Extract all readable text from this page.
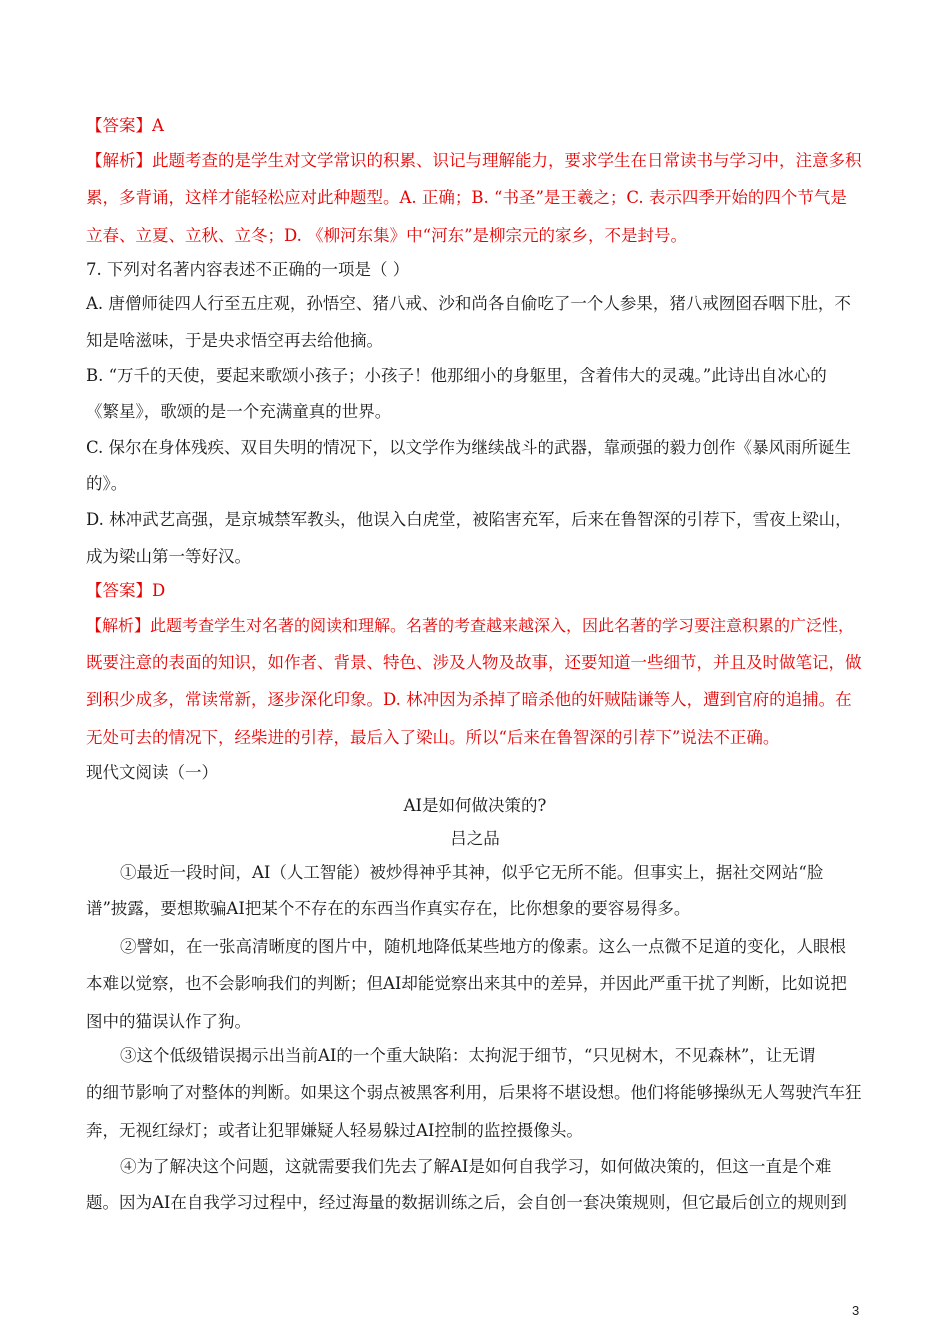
【答案】A
【解析】此题考查的是学生对文学常识的积累、识记与理解能力，要求学生在日常读书与学习中，注意多积
累，多背诵，这样才能轻松应对此种题型。A. 正确；B. “书圣”是王羲之；C. 表示四季开始的四个节气是
立春、立夏、立秋、立冬；D. 《柳河东集》中“河东”是柳宗元的家乡，不是封号。
7. 下列对名著内容表述不正确的一项是（ ）
A. 唐僧师徒四人行至五庄观，孙悟空、猪八戒、沙和尚各自偷吃了一个人参果，猪八戒囫囵吞咽下肚，不
知是啥滋味，于是央求悟空再去给他摘。
B. “万千的天使，要起来歌颂小孩子；小孩子！他那细小的身躯里，含着伟大的灵魂。”此诗出自冰心的
《繁星》，歌颂的是一个充满童真的世界。
C. 保尔在身体残疾、双目失明的情况下，以文学作为继续战斗的武器，靠顽强的毅力创作《暴风雨所诞生
的》。
D. 林冲武艺高强，是京城禁军教头，他误入白虎堂，被陷害充军，后来在鲁智深的引荐下，雪夜上梁山，
成为梁山第一等好汉。
【答案】D
【解析】此题考查学生对名著的阅读和理解。名著的考查越来越深入，因此名著的学习要注意积累的广泛性，
既要注意的表面的知识，如作者、背景、特色、涉及人物及故事，还要知道一些细节，并且及时做笔记，做
到积少成多，常读常新，逐步深化印象。D. 林冲因为杀掉了暗杀他的奸贼陆谦等人，遭到官府的追捕。在
无处可去的情况下，经柴进的引荐，最后入了梁山。所以“后来在鲁智深的引荐下”说法不正确。
现代文阅读（一）
AI是如何做决策的?
吕之品
①最近一段时间，AI（人工智能）被炒得神乎其神，似乎它无所不能。但事实上，据社交网站“脸
谱”披露，要想欺骗AI把某个不存在的东西当作真实存在，比你想象的要容易得多。
②譬如，在一张高清晰度的图片中，随机地降低某些地方的像素。这么一点微不足道的变化，人眼根
本难以觉察，也不会影响我们的判断；但AI却能觉察出来其中的差异，并因此严重干扰了判断，比如说把
图中的猫误认作了狗。
③这个低级错误揭示出当前AI的一个重大缺陷：太拘泥于细节，“只见树木，不见森林”，让无谓
的细节影响了对整体的判断。如果这个弱点被黑客利用，后果将不堪设想。他们将能够操纵无人驾驶汽车狂
奔，无视红绿灯；或者让犯罪嫌疑人轻易躲过AI控制的监控摄像头。
④为了解决这个问题，这就需要我们先去了解AI是如何自我学习，如何做决策的，但这一直是个难
题。因为AI在自我学习过程中，经过海量的数据训练之后，会自创一套决策规则，但它最后创立的规则到
3
